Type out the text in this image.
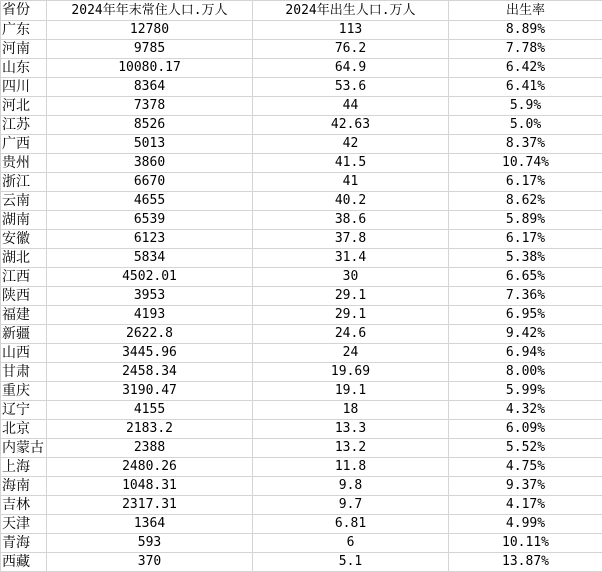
省份	2024年年末常住人口.万人	2024年出生人口.万人	出生率
广东	12780	113	8.89%
河南	9785	76.2	7.78%
山东	10080.17	64.9	6.42%
四川	8364	53.6	6.41%
河北	7378	44	5.9%
江苏	8526	42.63	5.0%
广西	5013	42	8.37%
贵州	3860	41.5	10.74%
浙江	6670	41	6.17%
云南	4655	40.2	8.62%
湖南	6539	38.6	5.89%
安徽	6123	37.8	6.17%
湖北	5834	31.4	5.38%
江西	4502.01	30	6.65%
陕西	3953	29.1	7.36%
福建	4193	29.1	6.95%
新疆	2622.8	24.6	9.42%
山西	3445.96	24	6.94%
甘肃	2458.34	19.69	8.00%
重庆	3190.47	19.1	5.99%
辽宁	4155	18	4.32%
北京	2183.2	13.3	6.09%
内蒙古	2388	13.2	5.52%
上海	2480.26	11.8	4.75%
海南	1048.31	9.8	9.37%
吉林	2317.31	9.7	4.17%
天津	1364	6.81	4.99%
青海	593	6	10.11%
西藏	370	5.1	13.87%
